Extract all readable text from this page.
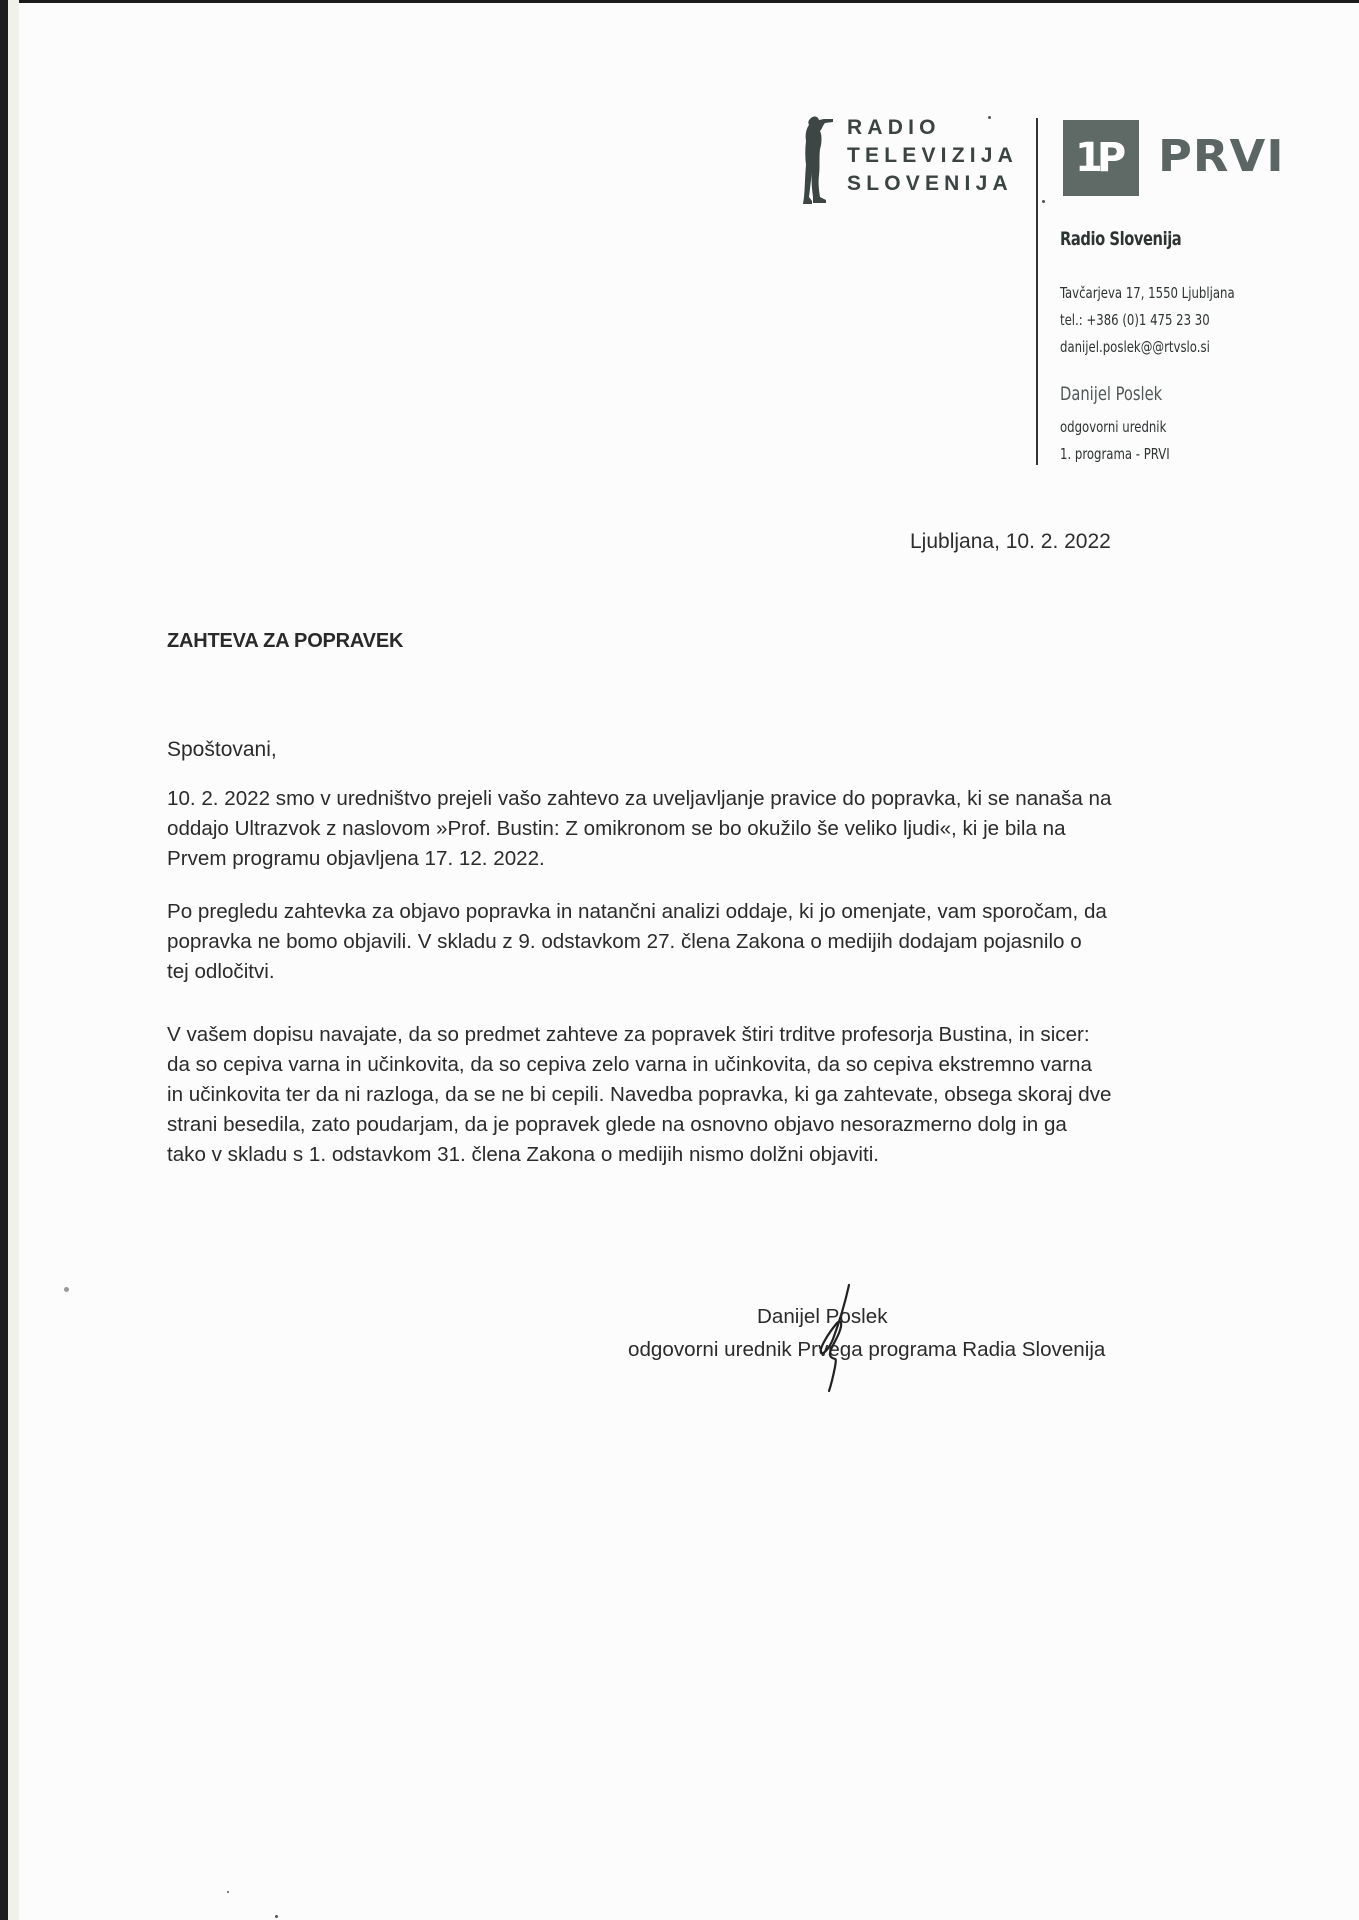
RADIO
TELEVIZIJA
SLOVENIJA
1P PRVI
Radio Slovenija
Tavčarjeva 17, 1550 Ljubljana
tel.: +386 (0)1 475 23 30
danijel.poslek@@rtvslo.si
Danijel Poslek
odgovorni urednik
1. programa - PRVI
Ljubljana, 10. 2. 2022
ZAHTEVA ZA POPRAVEK
Spoštovani,
10. 2. 2022 smo v uredništvo prejeli vašo zahtevo za uveljavljanje pravice do popravka, ki se nanaša na
oddajo Ultrazvok z naslovom »Prof. Bustin: Z omikronom se bo okužilo še veliko ljudi«, ki je bila na
Prvem programu objavljena 17. 12. 2022.
Po pregledu zahtevka za objavo popravka in natančni analizi oddaje, ki jo omenjate, vam sporočam, da
popravka ne bomo objavili. V skladu z 9. odstavkom 27. člena Zakona o medijih dodajam pojasnilo o
tej odločitvi.
V vašem dopisu navajate, da so predmet zahteve za popravek štiri trditve profesorja Bustina, in sicer:
da so cepiva varna in učinkovita, da so cepiva zelo varna in učinkovita, da so cepiva ekstremno varna
in učinkovita ter da ni razloga, da se ne bi cepili. Navedba popravka, ki ga zahtevate, obsega skoraj dve
strani besedila, zato poudarjam, da je popravek glede na osnovno objavo nesorazmerno dolg in ga
tako v skladu s 1. odstavkom 31. člena Zakona o medijih nismo dolžni objaviti.
Danijel Poslek
odgovorni urednik Prvega programa Radia Slovenija
